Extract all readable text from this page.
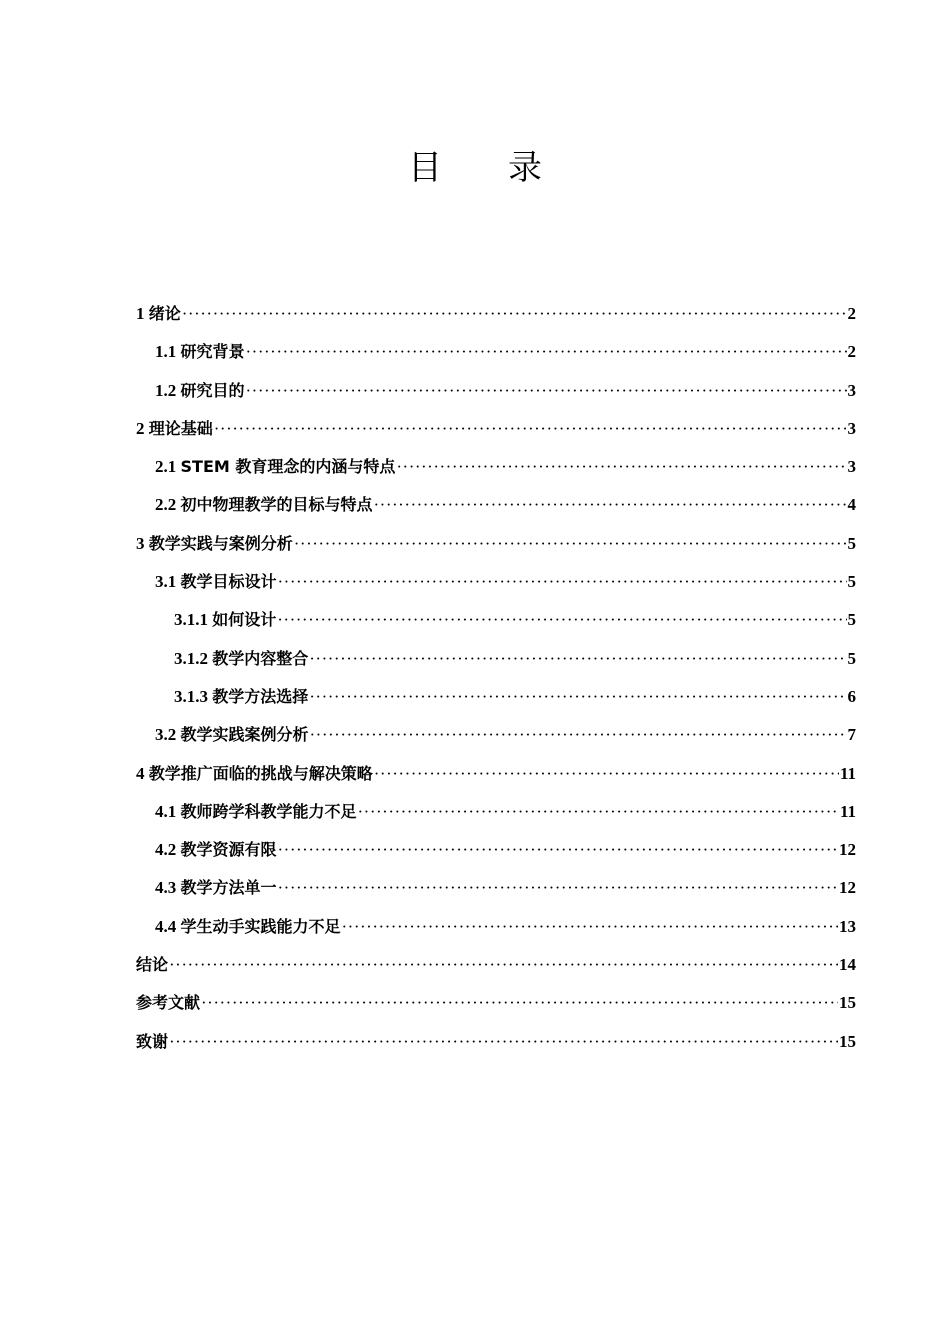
目 录
1 绪论 ·····	2
1.1 研究背景 ·····	2
1.2 研究目的 ·····	3
2 理论基础 ·····	3
2.1 STEM 教育理念的内涵与特点 ·····	3
2.2 初中物理教学的目标与特点 ·····	4
3 教学实践与案例分析 ·····	5
3.1 教学目标设计 ·····	5
3.1.1 如何设计 ·····	5
3.1.2 教学内容整合 ·····	5
3.1.3 教学方法选择 ·····	6
3.2 教学实践案例分析 ·····	7
4 教学推广面临的挑战与解决策略 ·····	11
4.1 教师跨学科教学能力不足 ·····	11
4.2 教学资源有限 ·····	12
4.3 教学方法单一 ·····	12
4.4 学生动手实践能力不足 ·····	13
结论 ·····	14
参考文献 ·····	15
致谢 ·····	15
